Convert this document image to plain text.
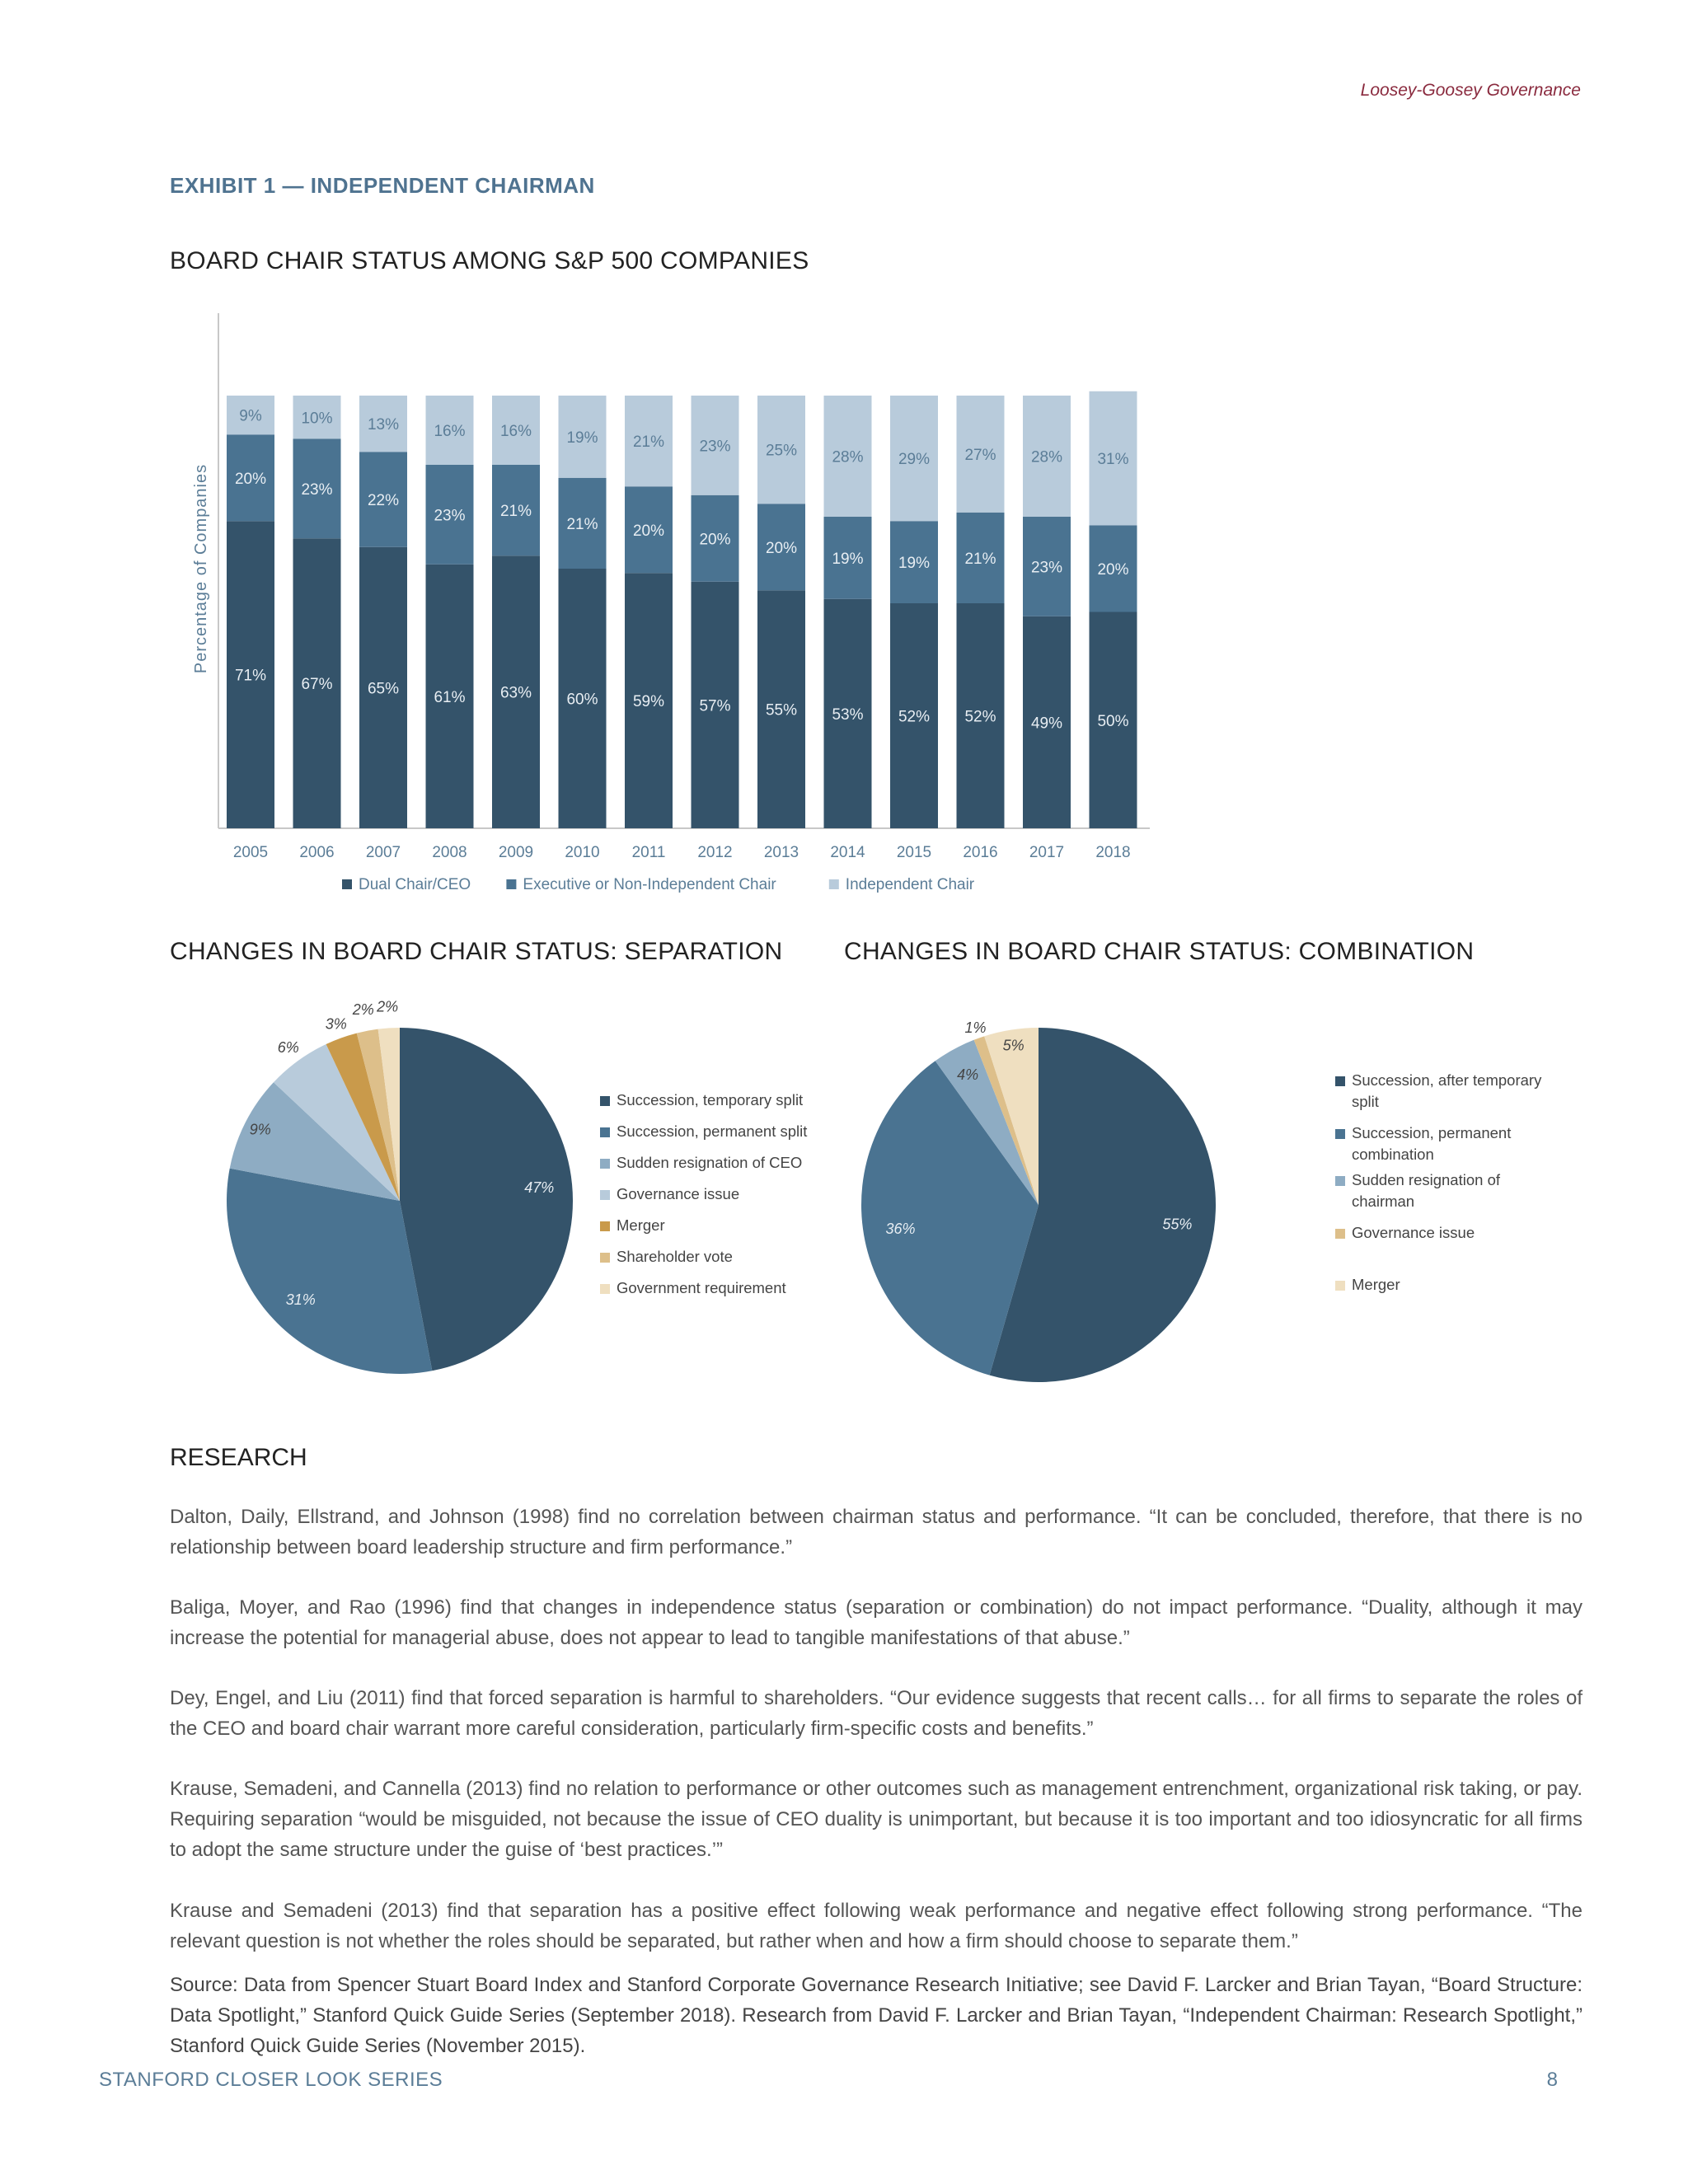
Loosey-Goosey Governance
EXHIBIT 1 — INDEPENDENT CHAIRMAN
BOARD CHAIR STATUS AMONG S&P 500 COMPANIES
Percentage of Companies
71%
20%
9%
2005
67%
23%
10%
2006
65%
22%
13%
2007
61%
23%
16%
2008
63%
21%
16%
2009
60%
21%
19%
2010
59%
20%
21%
2011
57%
20%
23%
2012
55%
20%
25%
2013
53%
19%
28%
2014
52%
19%
29%
2015
52%
21%
27%
2016
49%
23%
28%
2017
50%
20%
31%
2018
Dual Chair/CEO	Executive or Non-Independent Chair	Independent Chair
CHANGES IN BOARD CHAIR STATUS: SEPARATION CHANGES IN BOARD CHAIR STATUS: COMBINATION
47%
31%
9%
6%
3%
2% 2%
Succession, temporary split
Succession, permanent split
Sudden resignation of CEO
Governance issue
Merger
Shareholder vote
Government requirement
55%
36%
4%
1%
5%
Succession, after temporary
split
Succession, permanent
combination
Sudden resignation of
chairman
Governance issue
Merger
RESEARCH
Dalton, Daily, Ellstrand, and Johnson (1998) find no correlation between chairman status and performance. “It can be concluded, therefore, that there is no relationship between board leadership structure and firm performance.”
Baliga, Moyer, and Rao (1996) find that changes in independence status (separation or combination) do not impact performance. “Duality, although it may increase the potential for managerial abuse, does not appear to lead to tangible manifestations of that abuse.”
Dey, Engel, and Liu (2011) find that forced separation is harmful to shareholders. “Our evidence suggests that recent calls… for all firms to separate the roles of the CEO and board chair warrant more careful consideration, particularly firm-specific costs and benefits.”
Krause, Semadeni, and Cannella (2013) find no relation to performance or other outcomes such as management entrenchment, organizational risk taking, or pay. Requiring separation “would be misguided, not because the issue of CEO duality is unimportant, but because it is too important and too idiosyncratic for all firms to adopt the same structure under the guise of ‘best practices.’”
Krause and Semadeni (2013) find that separation has a positive effect following weak performance and negative effect following strong performance. “The relevant question is not whether the roles should be separated, but rather when and how a firm should choose to separate them.”
Source: Data from Spencer Stuart Board Index and Stanford Corporate Governance Research Initiative; see David F. Larcker and Brian Tayan, “Board Structure: Data Spotlight,” Stanford Quick Guide Series (September 2018). Research from David F. Larcker and Brian Tayan, “Independent Chairman: Research Spotlight,” Stanford Quick Guide Series (November 2015).
STANFORD CLOSER LOOK SERIES	8
